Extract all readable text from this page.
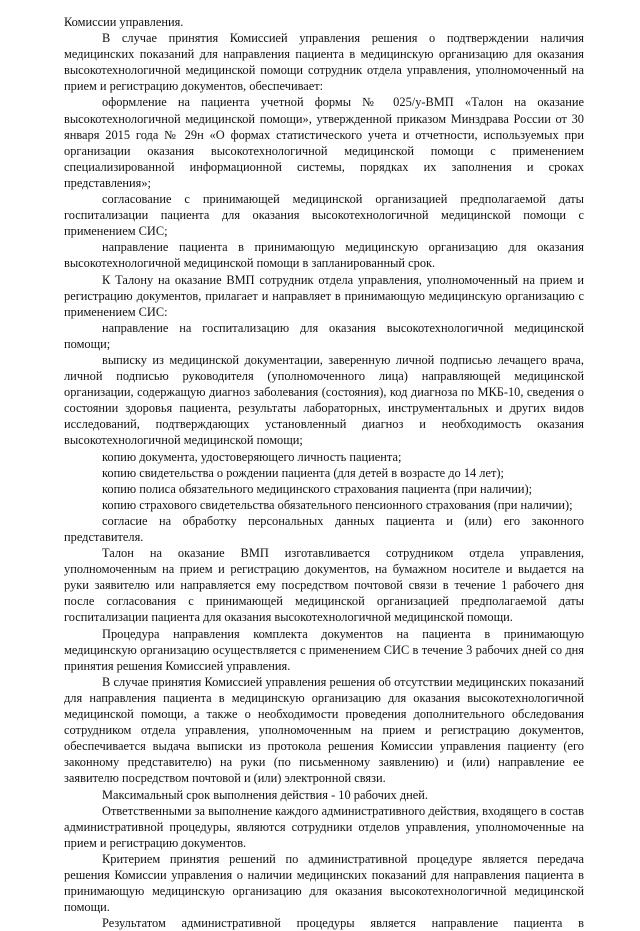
Комиссии управления.

В случае принятия Комиссией управления решения о подтверждении наличия медицинских показаний для направления пациента в медицинскую организацию для оказания высокотехнологичной медицинской помощи сотрудник отдела управления, уполномоченный на прием и регистрацию документов, обеспечивает:

оформление на пациента учетной формы № 025/у-ВМП «Талон на оказание высокотехнологичной медицинской помощи», утвержденной приказом Минздрава России от 30 января 2015 года № 29н «О формах статистического учета и отчетности, используемых при организации оказания высокотехнологичной медицинской помощи с применением специализированной информационной системы, порядках их заполнения и сроках представления»;

согласование с принимающей медицинской организацией предполагаемой даты госпитализации пациента для оказания высокотехнологичной медицинской помощи с применением СИС;

направление пациента в принимающую медицинскую организацию для оказания высокотехнологичной медицинской помощи в запланированный срок.

К Талону на оказание ВМП сотрудник отдела управления, уполномоченный на прием и регистрацию документов, прилагает и направляет в принимающую медицинскую организацию с применением СИС:

направление на госпитализацию для оказания высокотехнологичной медицинской помощи;

выписку из медицинской документации, заверенную личной подписью лечащего врача, личной подписью руководителя (уполномоченного лица) направляющей медицинской организации, содержащую диагноз заболевания (состояния), код диагноза по МКБ-10, сведения о состоянии здоровья пациента, результаты лабораторных, инструментальных и других видов исследований, подтверждающих установленный диагноз и необходимость оказания высокотехнологичной медицинской помощи;

копию документа, удостоверяющего личность пациента;

копию свидетельства о рождении пациента (для детей в возрасте до 14 лет);

копию полиса обязательного медицинского страхования пациента (при наличии);

копию страхового свидетельства обязательного пенсионного страхования (при наличии);

согласие на обработку персональных данных пациента и (или) его законного представителя.

Талон на оказание ВМП изготавливается сотрудником отдела управления, уполномоченным на прием и регистрацию документов, на бумажном носителе и выдается на руки заявителю или направляется ему посредством почтовой связи в течение 1 рабочего дня после согласования с принимающей медицинской организацией предполагаемой даты госпитализации пациента для оказания высокотехнологичной медицинской помощи.

Процедура направления комплекта документов на пациента в принимающую медицинскую организацию осуществляется с применением СИС в течение 3 рабочих дней со дня принятия решения Комиссией управления.

В случае принятия Комиссией управления решения об отсутствии медицинских показаний для направления пациента в медицинскую организацию для оказания высокотехнологичной медицинской помощи, а также о необходимости проведения дополнительного обследования сотрудником отдела управления, уполномоченным на прием и регистрацию документов, обеспечивается выдача выписки из протокола решения Комиссии управления пациенту (его законному представителю) на руки (по письменному заявлению) и (или) направление ее заявителю посредством почтовой и (или) электронной связи.

Максимальный срок выполнения действия - 10 рабочих дней.

Ответственными за выполнение каждого административного действия, входящего в состав административной процедуры, являются сотрудники отделов управления, уполномоченные на прием и регистрацию документов.

Критерием принятия решений по административной процедуре является передача решения Комиссии управления о наличии медицинских показаний для направления пациента в принимающую медицинскую организацию для оказания высокотехнологичной медицинской помощи.

Результатом административной процедуры является направление пациента в
